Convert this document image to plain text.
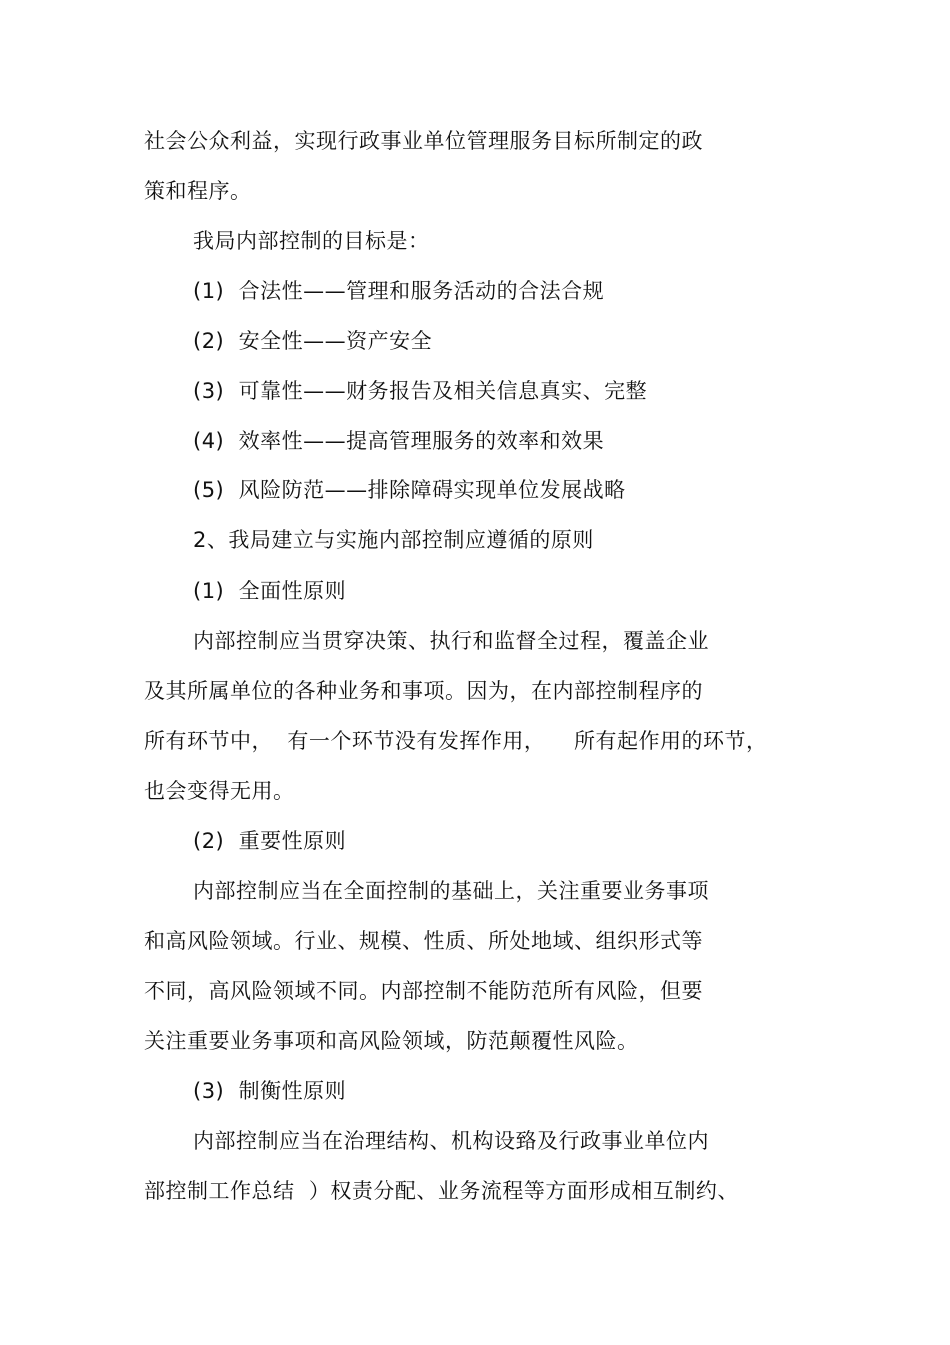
社会公众利益，实现行政事业单位管理服务目标所制定的政
策和程序。
我局内部控制的目标是：
(1)  合法性——管理和服务活动的合法合规
(2)  安全性——资产安全
(3)  可靠性——财务报告及相关信息真实、完整
(4)  效率性——提高管理服务的效率和效果
(5)  风险防范——排除障碍实现单位发展战略
2、我局建立与实施内部控制应遵循的原则
(1)  全面性原则
内部控制应当贯穿决策、执行和监督全过程，覆盖企业
及其所属单位的各种业务和事项。因为，在内部控制程序的
所有环节中，  有一个环节没有发挥作用，    所有起作用的环节，
也会变得无用。
(2)  重要性原则
内部控制应当在全面控制的基础上，关注重要业务事项
和高风险领域。行业、规模、性质、所处地域、组织形式等
不同，高风险领域不同。内部控制不能防范所有风险，但要
关注重要业务事项和高风险领域，防范颠覆性风险。
(3)  制衡性原则
内部控制应当在治理结构、机构设臵及行政事业单位内
部控制工作总结  ）权责分配、业务流程等方面形成相互制约、
